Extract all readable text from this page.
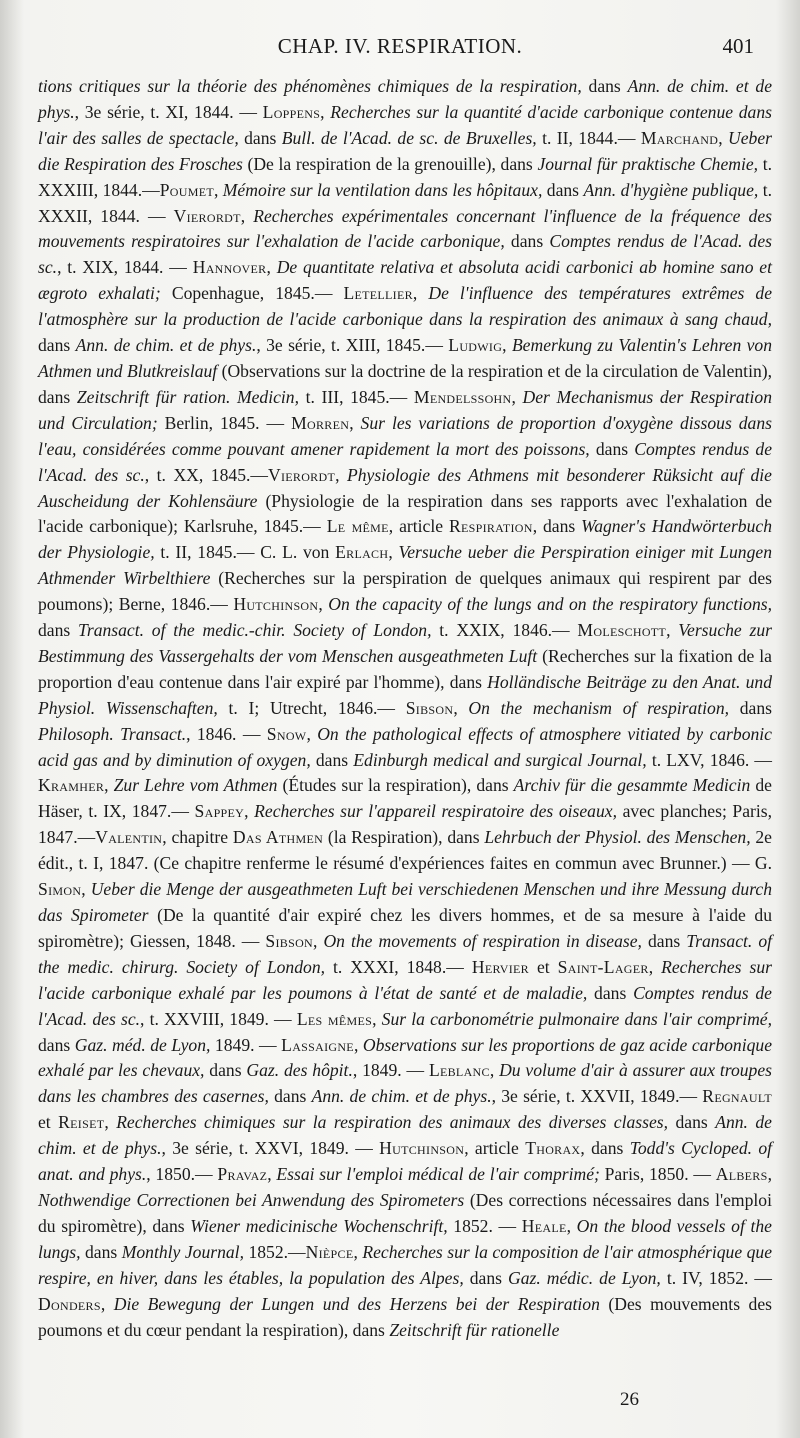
CHAP. IV. RESPIRATION.	401

tions critiques sur la théorie des phénomènes chimiques de la respiration, dans Ann. de chim. et de phys., 3e série, t. XI, 1844. — Loppens, Recherches sur la quantité d'acide carbonique contenue dans l'air des salles de spectacle, dans Bull. de l'Acad. de sc. de Bruxelles, t. II, 1844.— Marchand, Ueber die Respiration des Frosches (De la respiration de la grenouille), dans Journal für praktische Chemie, t. XXXIII, 1844.—Poumet, Mémoire sur la ventilation dans les hôpitaux, dans Ann. d'hygiène publique, t. XXXII, 1844. — Vierordt, Recherches expérimentales concernant l'influence de la fréquence des mouvements respiratoires sur l'exhalation de l'acide carbonique, dans Comptes rendus de l'Acad. des sc., t. XIX, 1844. — Hannover, De quantitate relativa et absoluta acidi carbonici ab homine sano et ægroto exhalati; Copenhague, 1845.— Letellier, De l'influence des températures extrêmes de l'atmosphère sur la production de l'acide carbonique dans la respiration des animaux à sang chaud, dans Ann. de chim. et de phys., 3e série, t. XIII, 1845.— Ludwig, Bemerkung zu Valentin's Lehren von Athmen und Blutkreislauf (Observations sur la doctrine de la respiration et de la circulation de Valentin), dans Zeitschrift für ration. Medicin, t. III, 1845.— Mendelssohn, Der Mechanismus der Respiration und Circulation; Berlin, 1845. — Morren, Sur les variations de proportion d'oxygène dissous dans l'eau, considérées comme pouvant amener rapidement la mort des poissons, dans Comptes rendus de l'Acad. des sc., t. XX, 1845.—Vierordt, Physiologie des Athmens mit besonderer Rüksicht auf die Auscheidung der Kohlensäure (Physiologie de la respiration dans ses rapports avec l'exhalation de l'acide carbonique); Karlsruhe, 1845.— Le même, article Respiration, dans Wagner's Handwörterbuch der Physiologie, t. II, 1845.— C. L. von Erlach, Versuche ueber die Perspiration einiger mit Lungen Athmender Wirbelthiere (Recherches sur la perspiration de quelques animaux qui respirent par des poumons); Berne, 1846.— Hutchinson, On the capacity of the lungs and on the respiratory functions, dans Transact. of the medic.-chir. Society of London, t. XXIX, 1846.— Moleschott, Versuche zur Bestimmung des Vassergehalts der vom Menschen ausgeathmeten Luft (Recherches sur la fixation de la proportion d'eau contenue dans l'air expiré par l'homme), dans Holländische Beiträge zu den Anat. und Physiol. Wissenschaften, t. I; Utrecht, 1846.— Sibson, On the mechanism of respiration, dans Philosoph. Transact., 1846. — Snow, On the pathological effects of atmosphere vitiated by carbonic acid gas and by diminution of oxygen, dans Edinburgh medical and surgical Journal, t. LXV, 1846. — Kramher, Zur Lehre vom Athmen (Études sur la respiration), dans Archiv für die gesammte Medicin de Häser, t. IX, 1847.— Sappey, Recherches sur l'appareil respiratoire des oiseaux, avec planches; Paris, 1847.—Valentin, chapitre Das Athmen (la Respiration), dans Lehrbuch der Physiol. des Menschen, 2e édit., t. I, 1847. (Ce chapitre renferme le résumé d'expériences faites en commun avec Brunner.) — G. Simon, Ueber die Menge der ausgeathmeten Luft bei verschiedenen Menschen und ihre Messung durch das Spirometer (De la quantité d'air expiré chez les divers hommes, et de sa mesure à l'aide du spiromètre); Giessen, 1848. — Sibson, On the movements of respiration in disease, dans Transact. of the medic. chirurg. Society of London, t. XXXI, 1848.— Hervier et Saint-Lager, Recherches sur l'acide carbonique exhalé par les poumons à l'état de santé et de maladie, dans Comptes rendus de l'Acad. des sc., t. XXVIII, 1849. — Les mêmes, Sur la carbonométrie pulmonaire dans l'air comprimé, dans Gaz. méd. de Lyon, 1849. — Lassaigne, Observations sur les proportions de gaz acide carbonique exhalé par les chevaux, dans Gaz. des hôpit., 1849. — Leblanc, Du volume d'air à assurer aux troupes dans les chambres des casernes, dans Ann. de chim. et de phys., 3e série, t. XXVII, 1849.— Regnault et Reiset, Recherches chimiques sur la respiration des animaux des diverses classes, dans Ann. de chim. et de phys., 3e série, t. XXVI, 1849. — Hutchinson, article Thorax, dans Todd's Cycloped. of anat. and phys., 1850.— Pravaz, Essai sur l'emploi médical de l'air comprimé; Paris, 1850. — Albers, Nothwendige Correctionen bei Anwendung des Spirometers (Des corrections nécessaires dans l'emploi du spiromètre), dans Wiener medicinische Wochenschrift, 1852. — Heale, On the blood vessels of the lungs, dans Monthly Journal, 1852.—Nièpce, Recherches sur la composition de l'air atmosphérique que respire, en hiver, dans les étables, la population des Alpes, dans Gaz. médic. de Lyon, t. IV, 1852. — Donders, Die Bewegung der Lungen und des Herzens bei der Respiration (Des mouvements des poumons et du cœur pendant la respiration), dans Zeitschrift für rationelle

26
